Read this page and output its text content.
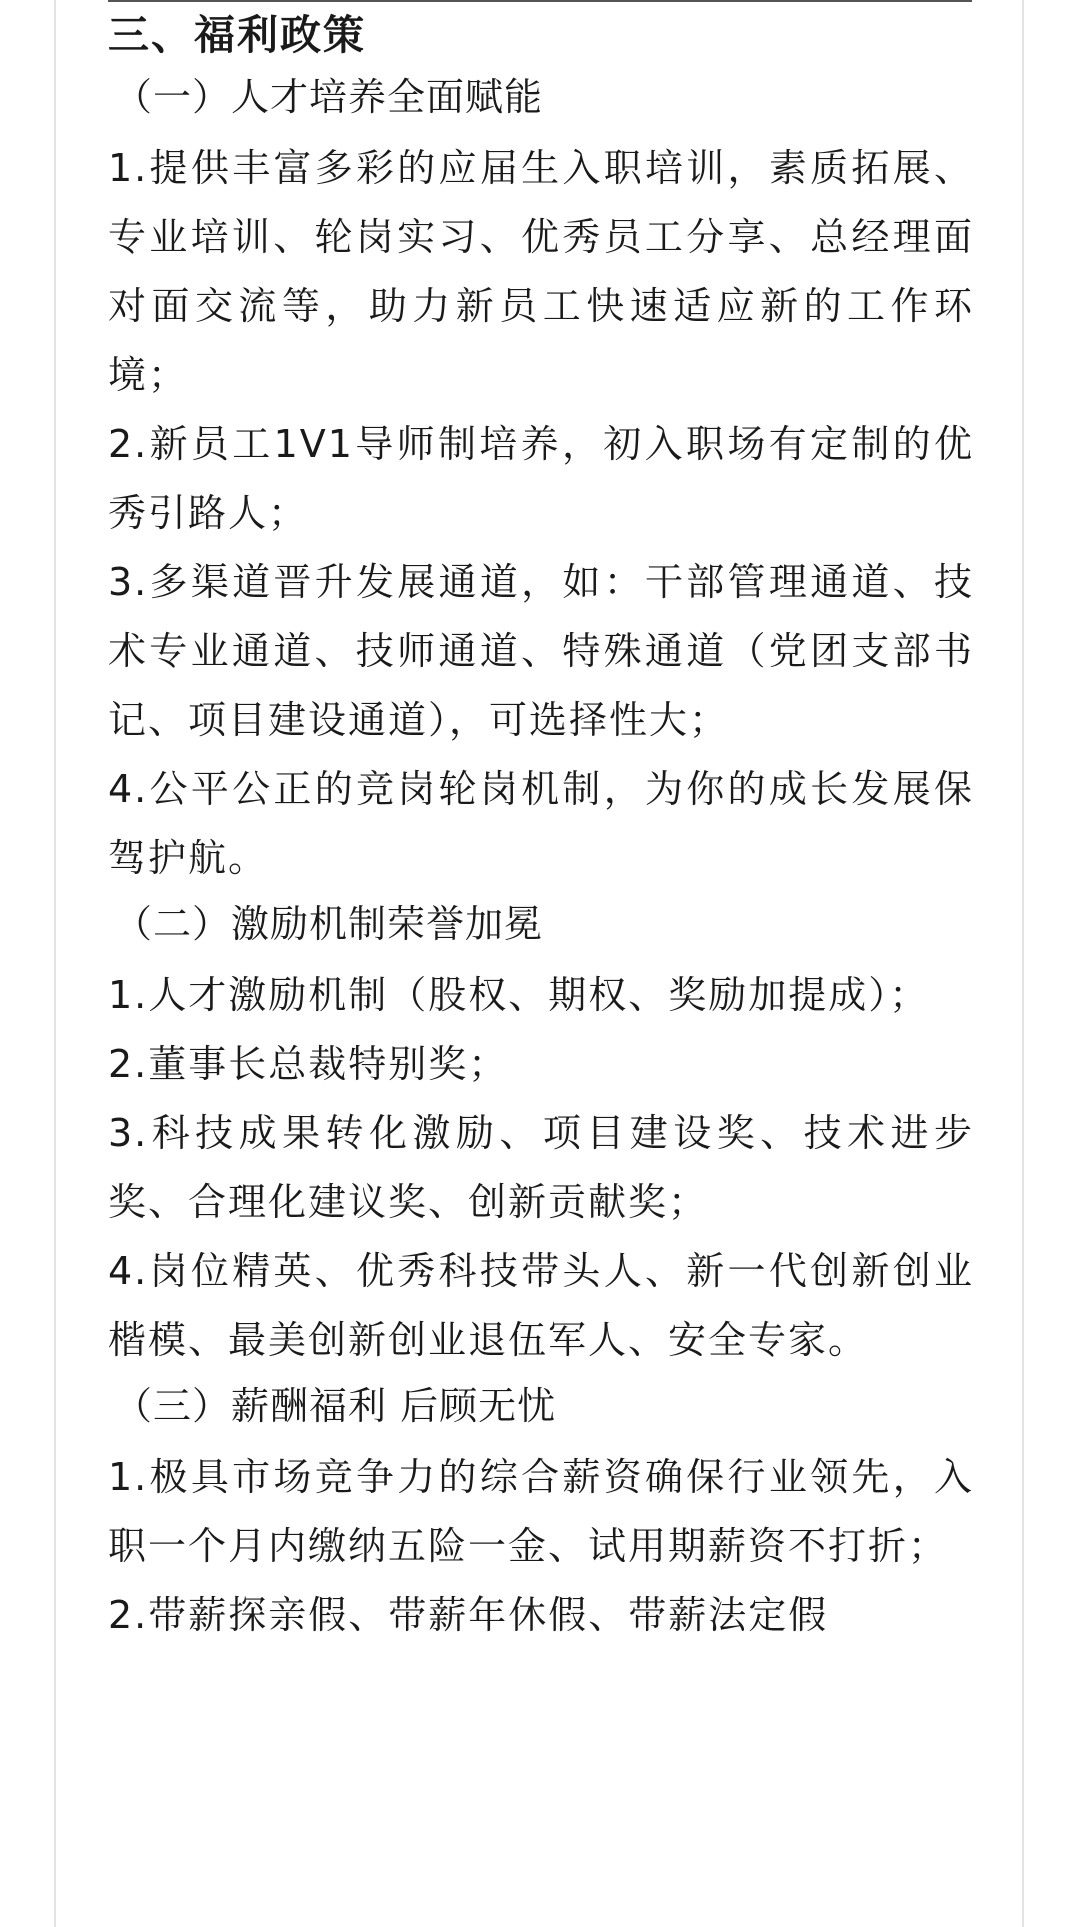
三、福利政策
（一）人才培养全面赋能

1.提供丰富多彩的应届生入职培训，素质拓展、专业培训、轮岗实习、优秀员工分享、总经理面对面交流等，助力新员工快速适应新的工作环境；

2.新员工1V1导师制培养，初入职场有定制的优秀引路人；

3.多渠道晋升发展通道，如：干部管理通道、技术专业通道、技师通道、特殊通道（党团支部书记、项目建设通道），可选择性大；

4.公平公正的竞岗轮岗机制，为你的成长发展保驾护航。

（二）激励机制荣誉加冕

1.人才激励机制（股权、期权、奖励加提成）；

2.董事长总裁特别奖；

3.科技成果转化激励、项目建设奖、技术进步奖、合理化建议奖、创新贡献奖；

4.岗位精英、优秀科技带头人、新一代创新创业楷模、最美创新创业退伍军人、安全专家。

（三）薪酬福利 后顾无忧

1.极具市场竞争力的综合薪资确保行业领先，入职一个月内缴纳五险一金、试用期薪资不打折；

2.带薪探亲假、带薪年休假、带薪法定假
